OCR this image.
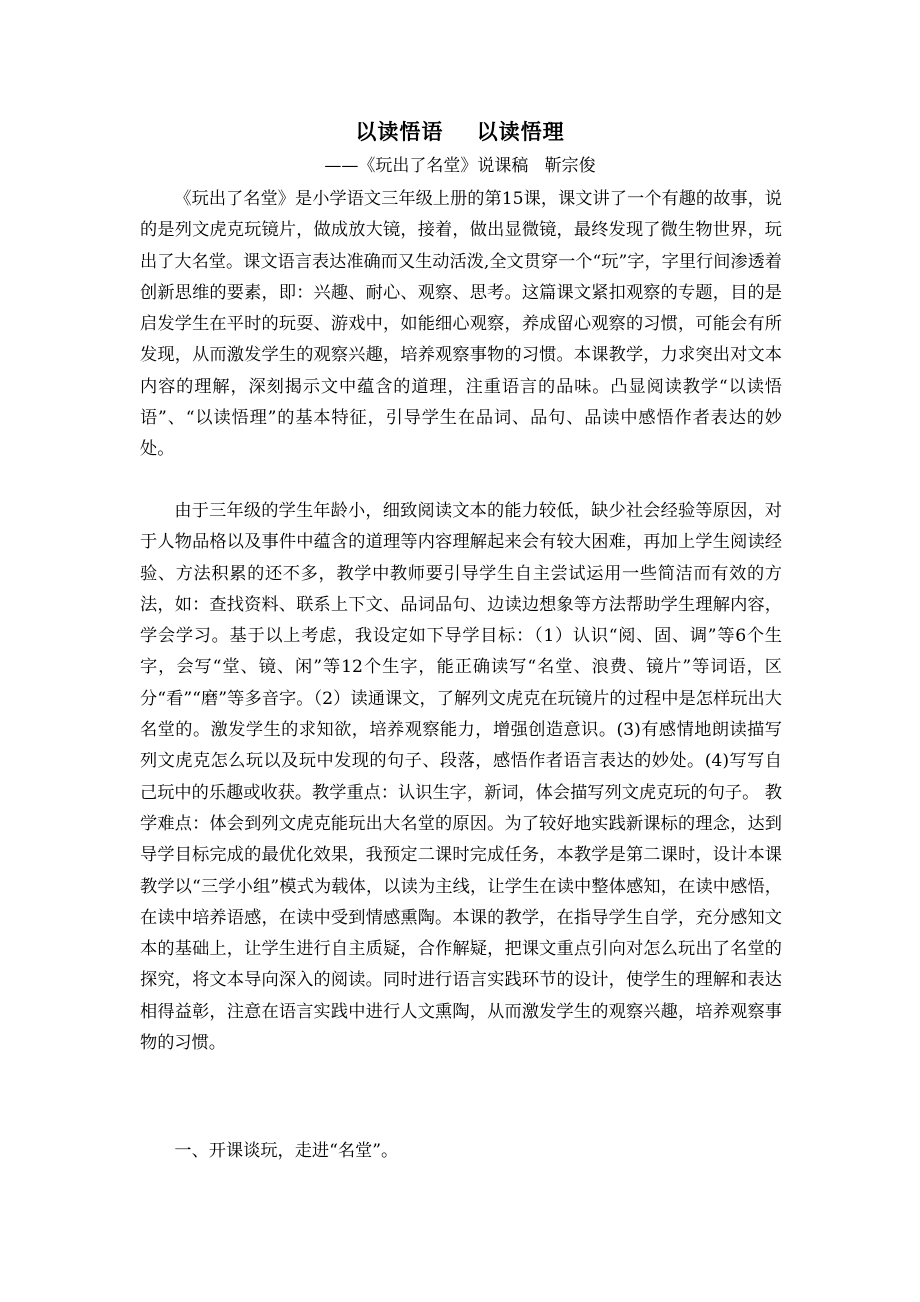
以读悟语    以读悟理
——《玩出了名堂》说课稿   靳宗俊

《玩出了名堂》是小学语文三年级上册的第15课，课文讲了一个有趣的故事，说的是列文虎克玩镜片，做成放大镜，接着，做出显微镜，最终发现了微生物世界，玩出了大名堂。课文语言表达准确而又生动活泼,全文贯穿一个“玩”字，字里行间渗透着创新思维的要素，即：兴趣、耐心、观察、思考。这篇课文紧扣观察的专题，目的是启发学生在平时的玩耍、游戏中，如能细心观察，养成留心观察的习惯，可能会有所发现，从而激发学生的观察兴趣，培养观察事物的习惯。本课教学，力求突出对文本内容的理解，深刻揭示文中蕴含的道理，注重语言的品味。凸显阅读教学“以读悟语”、“以读悟理”的基本特征，引导学生在品词、品句、品读中感悟作者表达的妙处。

由于三年级的学生年龄小，细致阅读文本的能力较低，缺少社会经验等原因，对于人物品格以及事件中蕴含的道理等内容理解起来会有较大困难，再加上学生阅读经验、方法积累的还不多，教学中教师要引导学生自主尝试运用一些简洁而有效的方法，如：查找资料、联系上下文、品词品句、边读边想象等方法帮助学生理解内容，学会学习。基于以上考虑，我设定如下导学目标：（1）认识“阅、固、调”等6个生字，会写“堂、镜、闲”等12个生字，能正确读写“名堂、浪费、镜片”等词语，区分“看”“磨”等多音字。（2）读通课文，了解列文虎克在玩镜片的过程中是怎样玩出大名堂的。激发学生的求知欲，培养观察能力，增强创造意识。(3)有感情地朗读描写列文虎克怎么玩以及玩中发现的句子、段落，感悟作者语言表达的妙处。(4)写写自己玩中的乐趣或收获。教学重点：认识生字，新词，体会描写列文虎克玩的句子。 教学难点：体会到列文虎克能玩出大名堂的原因。为了较好地实践新课标的理念，达到导学目标完成的最优化效果，我预定二课时完成任务，本教学是第二课时，设计本课教学以“三学小组”模式为载体，以读为主线，让学生在读中整体感知，在读中感悟，在读中培养语感，在读中受到情感熏陶。本课的教学，在指导学生自学，充分感知文本的基础上，让学生进行自主质疑，合作解疑，把课文重点引向对怎么玩出了名堂的探究，将文本导向深入的阅读。同时进行语言实践环节的设计，使学生的理解和表达相得益彰，注意在语言实践中进行人文熏陶，从而激发学生的观察兴趣，培养观察事物的习惯。

一、开课谈玩，走进“名堂”。
